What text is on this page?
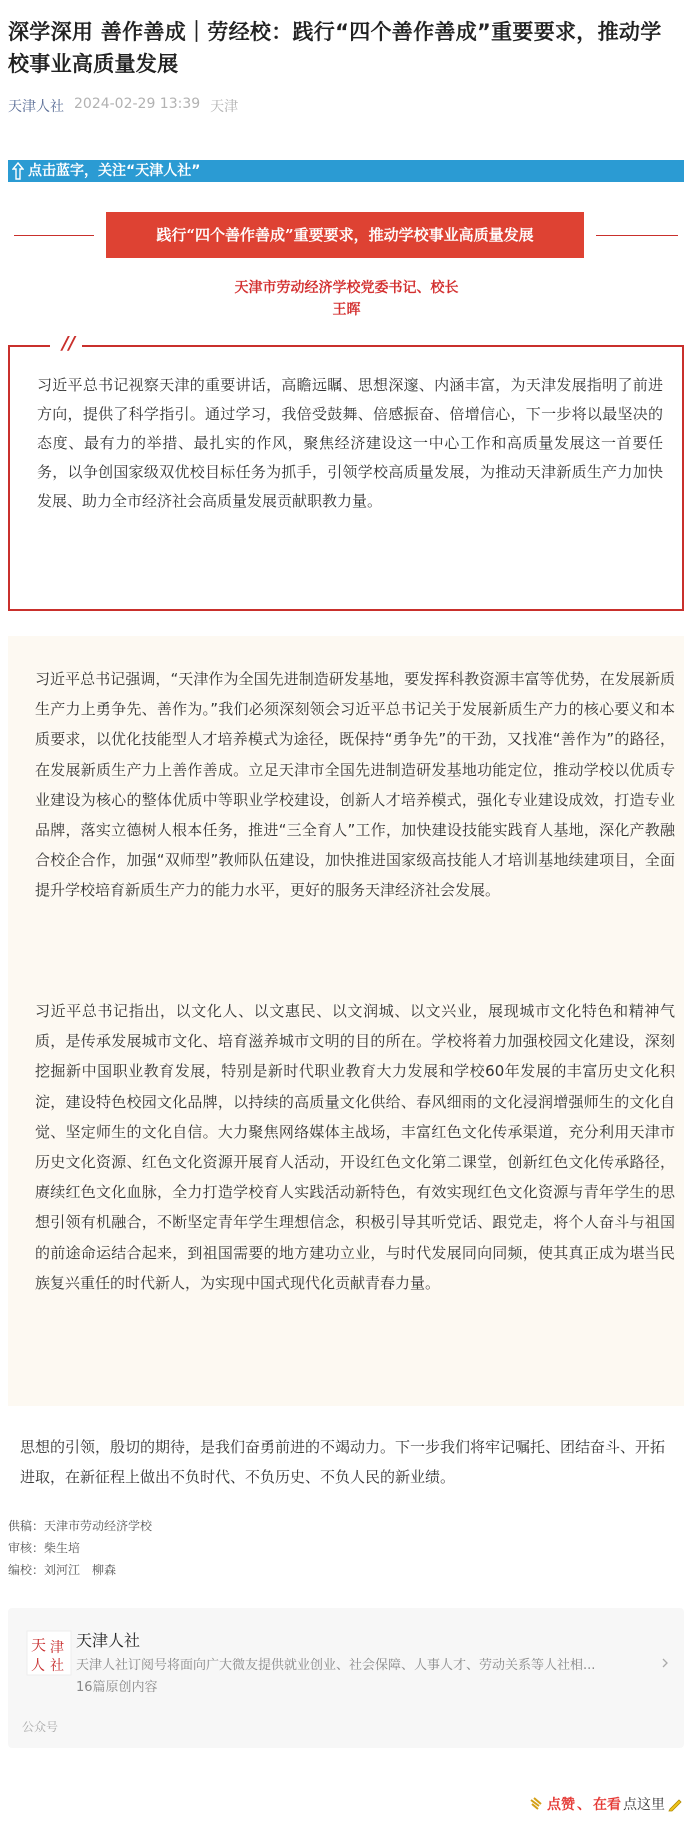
深学深用 善作善成｜劳经校：践行“四个善作善成”重要要求，推动学校事业高质量发展
天津人社 2024-02-29 13:39 天津
点击蓝字，关注“天津人社”
践行“四个善作善成”重要要求，推动学校事业高质量发展
天津市劳动经济学校党委书记、校长
王晖
//

习近平总书记视察天津的重要讲话，高瞻远瞩、思想深邃、内涵丰富，为天津发展指明了前进方向，提供了科学指引。通过学习，我倍受鼓舞、倍感振奋、倍增信心，下一步将以最坚决的态度、最有力的举措、最扎实的作风，聚焦经济建设这一中心工作和高质量发展这一首要任务，以争创国家级双优校目标任务为抓手，引领学校高质量发展，为推动天津新质生产力加快发展、助力全市经济社会高质量发展贡献职教力量。

习近平总书记强调，“天津作为全国先进制造研发基地，要发挥科教资源丰富等优势，在发展新质生产力上勇争先、善作为。”我们必须深刻领会习近平总书记关于发展新质生产力的核心要义和本质要求，以优化技能型人才培养模式为途径，既保持“勇争先”的干劲，又找准“善作为”的路径，在发展新质生产力上善作善成。立足天津市全国先进制造研发基地功能定位，推动学校以优质专业建设为核心的整体优质中等职业学校建设，创新人才培养模式，强化专业建设成效，打造专业品牌，落实立德树人根本任务，推进“三全育人”工作，加快建设技能实践育人基地，深化产教融合校企合作，加强“双师型”教师队伍建设，加快推进国家级高技能人才培训基地续建项目，全面提升学校培育新质生产力的能力水平，更好的服务天津经济社会发展。

习近平总书记指出，以文化人、以文惠民、以文润城、以文兴业，展现城市文化特色和精神气质，是传承发展城市文化、培育滋养城市文明的目的所在。学校将着力加强校园文化建设，深刻挖掘新中国职业教育发展，特别是新时代职业教育大力发展和学校60年发展的丰富历史文化积淀，建设特色校园文化品牌，以持续的高质量文化供给、春风细雨的文化浸润增强师生的文化自觉、坚定师生的文化自信。大力聚焦网络媒体主战场，丰富红色文化传承渠道，充分利用天津市历史文化资源、红色文化资源开展育人活动，开设红色文化第二课堂，创新红色文化传承路径，赓续红色文化血脉，全力打造学校育人实践活动新特色，有效实现红色文化资源与青年学生的思想引领有机融合，不断坚定青年学生理想信念，积极引导其听党话、跟党走，将个人奋斗与祖国的前途命运结合起来，到祖国需要的地方建功立业，与时代发展同向同频，使其真正成为堪当民族复兴重任的时代新人，为实现中国式现代化贡献青春力量。

思想的引领，殷切的期待，是我们奋勇前进的不竭动力。下一步我们将牢记嘱托、团结奋斗、开拓进取，在新征程上做出不负时代、不负历史、不负人民的新业绩。

供稿：天津市劳动经济学校
审核：柴生培
编校：刘河江　柳森
天 津
人 社
天津人社
天津人社订阅号将面向广大微友提供就业创业、社会保障、人事人才、劳动关系等人社相...
16篇原创内容
公众号
点赞 、 在看 点这里
